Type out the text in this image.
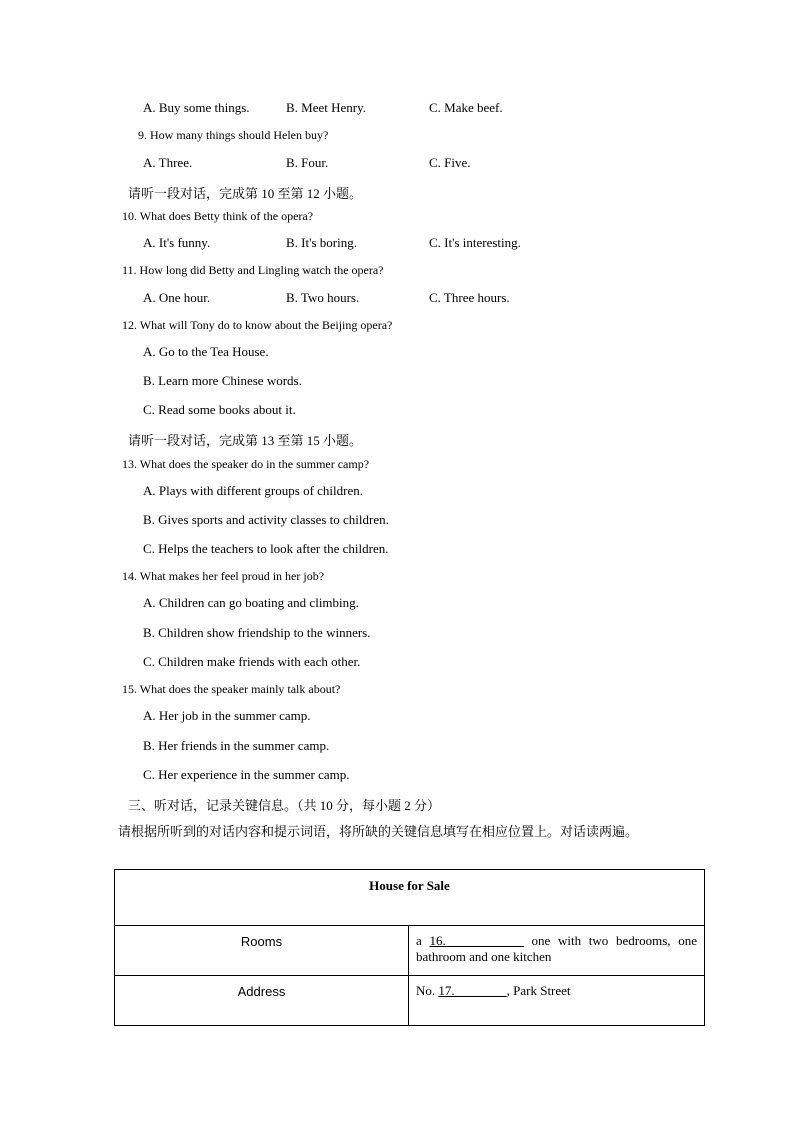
A. Buy some things.	B. Meet Henry.	C. Make beef.
9. How many things should Helen buy?
A. Three.	B. Four.	C. Five.
请听一段对话，完成第 10 至第 12 小题。
10. What does Betty think of the opera?
A. It's funny.	B. It's boring.	C. It's interesting.
11. How long did Betty and Lingling watch the opera?
A. One hour.	B. Two hours.	C. Three hours.
12. What will Tony do to know about the Beijing opera?
A. Go to the Tea House.
B. Learn more Chinese words.
C. Read some books about it.
请听一段对话，完成第 13 至第 15 小题。
13. What does the speaker do in the summer camp?
A. Plays with different groups of children.
B. Gives sports and activity classes to children.
C. Helps the teachers to look after the children.
14. What makes her feel proud in her job?
A. Children can go boating and climbing.
B. Children show friendship to the winners.
C. Children make friends with each other.
15. What does the speaker mainly talk about?
A. Her job in the summer camp.
B. Her friends in the summer camp.
C. Her experience in the summer camp.
三、听对话，记录关键信息。（共 10 分，每小题 2 分）
请根据所听到的对话内容和提示词语，将所缺的关键信息填写在相应位置上。对话读两遍。
House for Sale	
Rooms	a 16.____________ one with two bedrooms, one bathroom and one kitchen
Address	No. 17.________, Park Street
